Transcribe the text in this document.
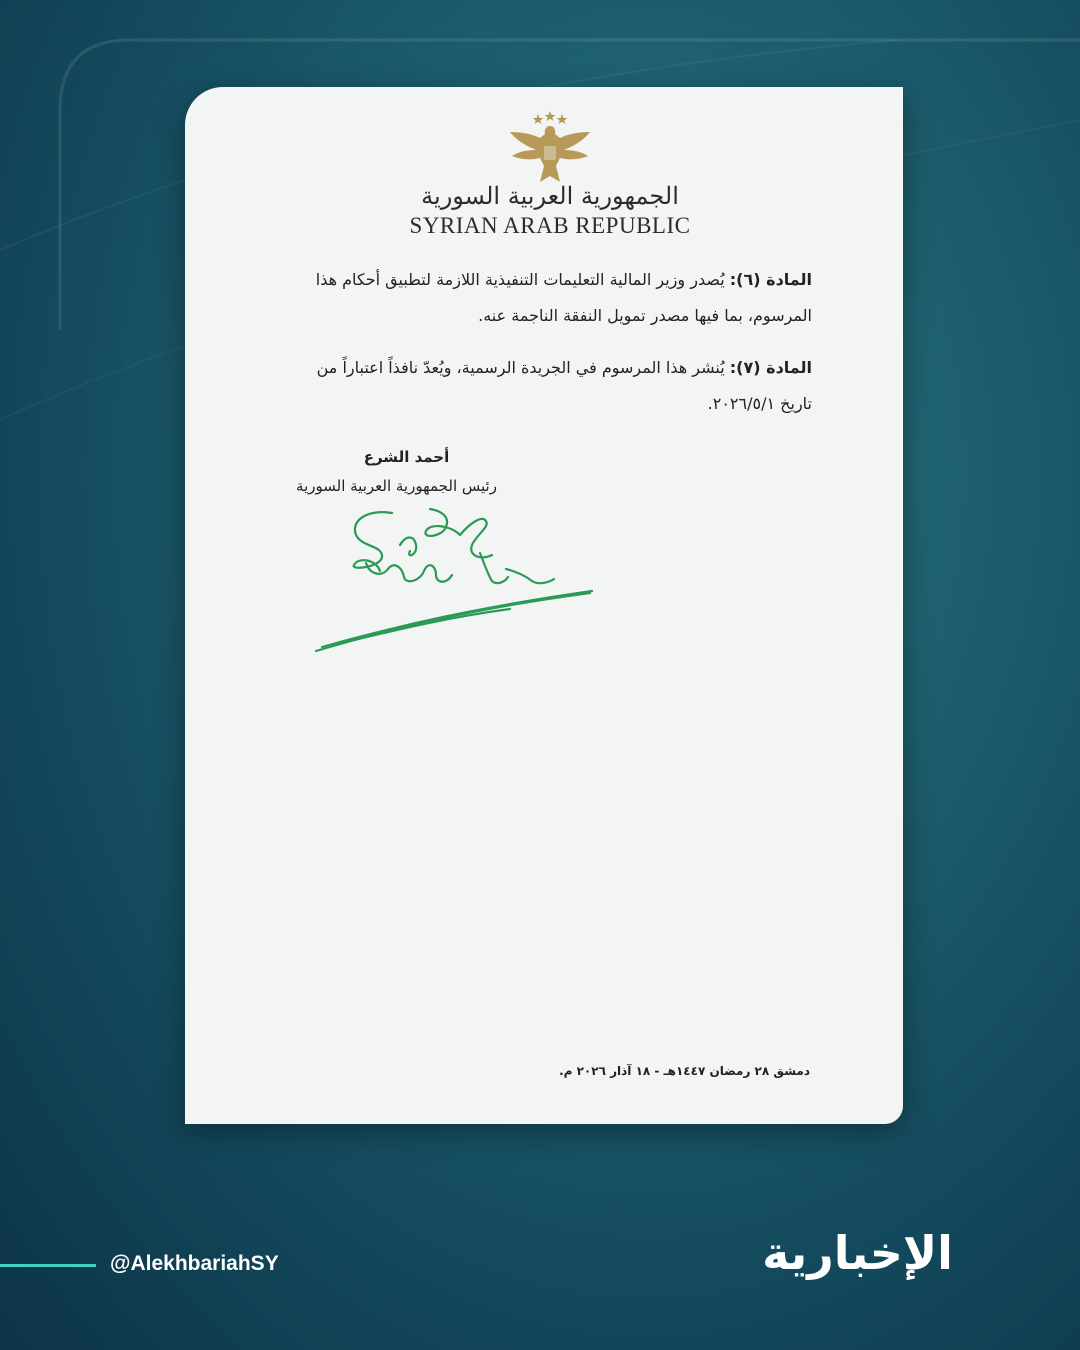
الجمهورية العربية السورية
SYRIAN ARAB REPUBLIC
المادة (٦): يُصدر وزير المالية التعليمات التنفيذية اللازمة لتطبيق أحكام هذا المرسوم، بما فيها مصدر تمويل النفقة الناجمة عنه.
المادة (٧): يُنشر هذا المرسوم في الجريدة الرسمية، ويُعدّ نافذاً اعتباراً من تاريخ ٢٠٢٦/٥/١.
أحمد الشرع
رئيس الجمهورية العربية السورية
دمشق ٢٨ رمضان ١٤٤٧هـ - ١٨ آذار ٢٠٢٦ م.
@AlekhbariahSY	الإخبارية
